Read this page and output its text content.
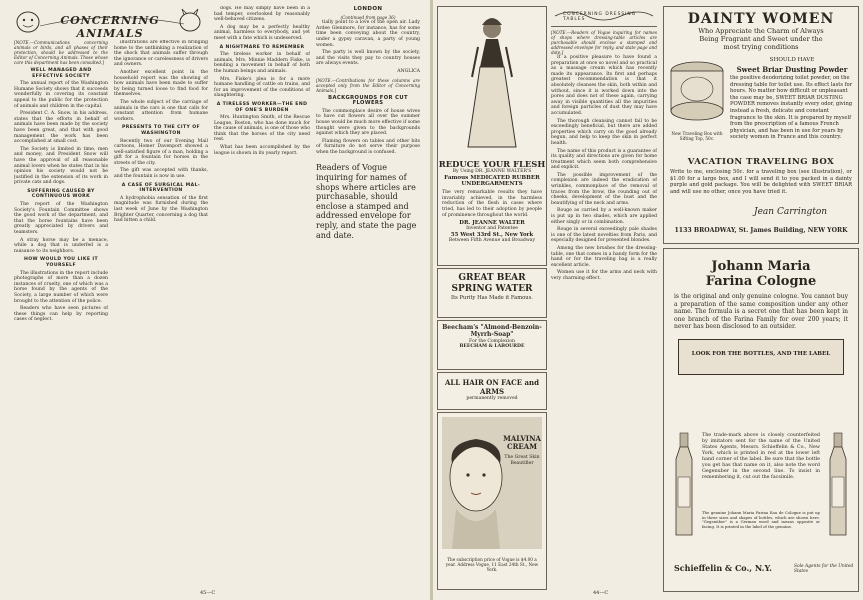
CONCERNING ANIMALS
[NOTE.—Communications concerning animals or birds, and all phases of their protection, should be addressed to the Editor of Concerning Animals. Those whose care this department has been consulted.]
WELL MANAGED AND EFFECTIVE SOCIETY

The annual report of the Washington Humane Society shows that it succeeds wonderfully in covering its constant appeal to the public for the protection of animals and children in the capital.

President C. A. Snow, in his address, states that the efforts in behalf of animals have been made by the society have been great, and that with good management the work has been accomplished at small cost.

The Society is limited in time, men and money; and President Snow will have the approval of all reasonable animal lovers when he states that in his opinion his society would not be justified in the extension of its work in private cats and dogs.

SUFFERING CAUSED BY CONTINUOUS WORK

The report of the Washington Society's Fountain Committee shows the good work of the department, and that the horse fountains have been greatly appreciated by drivers and teamsters.

A stray horse may be a menace, while a dog that is underfed is a nuisance to its neighbors.

HOW WOULD YOU LIKE IT YOURSELF

The illustrations in the report include photographs of more than a dozen instances of cruelty, one of which was a horse found by the agents of the Society, a large number of which were brought to the attention of the police.

Readers who have seen pictures of these things can help by reporting cases of neglect.

illustrations are effective in bringing home to the unthinking a realization of the shock that animals suffer through the ignorance or carelessness of drivers and owners.

Another excellent point in the household report was the showing of how animals have been made to suffer by being turned loose to find food for themselves.

The whole subject of the carriage of animals in the cars is one that calls for constant attention from humane workers.

PRESENTS TO THE CITY OF WASHINGTON

Recently two of our Evening Mail cartoons, Homer Davenport showed a well-satisfied figure of a man, holding a gift for a fountain for horses in the streets of the city.

The gift was accepted with thanks, and the fountain is now in use.

A CASE OF SURGICAL MAL-INTERVENTION

A hydrophobia sensation of the first magnitude was furnished during the last week of June by the Washington Brighter Quarter, concerning a dog that had bitten a child.

dogs. He may simply have been in a bad temper, overlooked by reasonably well-behaved citizens.

A dog may be a perfectly healthy animal, harmless to everybody, and yet meet with a fate which is undeserved.

A NIGHTMARE TO REMEMBER

The tireless worker in behalf of animals, Mrs. Minnie Maddern Fiske, is bending a movement in behalf of both the human beings and animals.

Mrs. Fiske's plea is for a more humane handling of cattle on trains, and for an improvement of the conditions of slaughtering.

A TIRELESS WORKER—THE END OF ONE'S BURDEN

Mrs. Huntington Smith, of the Rescue League, Boston, who has done much for the cause of animals, is one of those who think that the horses of the city need rest.

What has been accomplished by the league is shown in its yearly report.

LONDON
(Continued from page 36)

tially point to a love of the open air. Lady Ardee Glenmore, for instance, has for some time been conveying about the country, under a gypsy caravan, a party of young women.

The party is well known by the society, and the visits they pay to country houses are always events.

ANGLICA
[NOTE.—Contributions for these columns are accepted only from the Editor of Concerning Animals.]
BACKGROUNDS FOR CUT FLOWERS

The commonplace desire of house wives to have cut flowers all over the summer house would be much more effective if some thought were given to the backgrounds against which they are placed.

Flaming flowers on tables and other bits of furniture do not serve their purpose when the background is confused.

Readers of Vogue inquiring for names of shops where articles are purchasable, should enclose a stamped and addressed envelope for reply, and state the page and date.
45—C
REDUCE YOUR FLESH
By Using DR. JEANNE WALTER'S
Famous MEDICATED RUBBER UNDERGARMENTS
The very remarkable results they have invariably achieved, in the harmless reduction of the flesh in cases where tried, has led to their adoption by people of prominence throughout the world.
DR. JEANNE WALTER
Inventor and Patentee
55 West 33rd St., New York
Between Fifth Avenue and Broadway
GREAT BEAR SPRING WATER
Its Purity Has Made it Famous.
Beecham's "Almond-Benzoin-Myrrh-Soap"
For the Complexion
BEECHAM & LABOURDE
ALL HAIR ON FACE and ARMS
permanently removed
MALVINA CREAM
The Great Skin Beautifier
The subscription price of Vogue is $4.00 a year. Address Vogue, 11 East 24th St., New York.
CONCERNING DRESSING TABLES
[NOTE.—Readers of Vogue inquiring for names of shops where dressing-table articles are purchasable should enclose a stamped and addressed envelope for reply, and state page and date.]

If a positive pleasure to have found a preparation at once so novel and so practical as a massage cream which has recently made its appearance. Its first and perhaps greatest recommendation is that it absolutely cleanses the skin, both within and without, since it is worked down into the pores and does not of these again, carrying away in visible quantities all the impurities and foreign particles of dust they may have accumulated.

The thorough cleansing cannot fail to be exceedingly beneficial, but there are added properties which carry on the good already begun, and help to keep the skin in perfect health.

The name of this product is a guarantee of its quality and directions are given for home treatment which seem both comprehensive and explicit.

The possible improvement of the complexion are indeed the eradication of wrinkles, commonplace of the removal of traces from the brow, the rounding out of cheeks, development of the bust and the beautifying of the neck and arms.

Rouge as carried by a well-known maker is put up in two shades, which are applied either singly or in combination.

Rouge in several exceedingly pale shades is one of the latest novelties from Paris, and especially designed for presented blondes.

Among the new brushes for the dressing-table, one that comes in a handy form for the hand or for the traveling bag is a really excellent article.

Women use it for the arms and neck with very charming effect.

44—C
DAINTY WOMEN
Who Appreciate the Charm of Always
Being Fragrant and Sweet under the
most trying conditions
New Traveling Box with Sifting Top, 50c.
SHOULD HAVE
Sweet Briar Dusting Powder
the positive deodorizing toilet powder, on the dressing table for toilet use. Its effect lasts for hours. No matter how difficult or unpleasant the case may be, SWEET BRIAR DUSTING POWDER removes instantly every odor, giving instead a fresh, delicate and constant fragrance to the skin. It is prepared by myself from the prescription of a famous French physician, and has been in use for years by society women in France and this country.
VACATION TRAVELING BOX
Write to me, enclosing 50c. for a traveling box (see illustration), or $1.00 for a large box, and I will send it to you packed in a dainty purple and gold package. You will be delighted with SWEET BRIAR and will use no other, once you have tried it.
Jean Carrington
1133 BROADWAY, St. James Building, NEW YORK
Johann Maria
Farina Cologne
is the original and only genuine cologne. You cannot buy a preparation of the same composition under any other name. The formula is a secret one that has been kept in one branch of the Farina Family for over 200 years; it never has been disclosed to an outsider.
LOOK FOR THE BOTTLES, AND THE LABEL
The trade-mark above is closely counterfeited by imitators sent for the name of the United States Agents, Messrs. Schieffelin & Co., New York, which is printed in red at the lower left hand corner of the label. Be sure that the bottle you get has that name on it, also note the word Gegenuber in the second line. To insist in remembering it, cut out the facsimile.
The genuine Johann Maria Farina Eau de Cologne is put up in three sizes and shapes of bottles, which are shown here. "Gegenüber" is a German word and means opposite or facing. It is printed in the label of the genuine.
Schieffelin & Co., N.Y.	Sole Agents for the United States
